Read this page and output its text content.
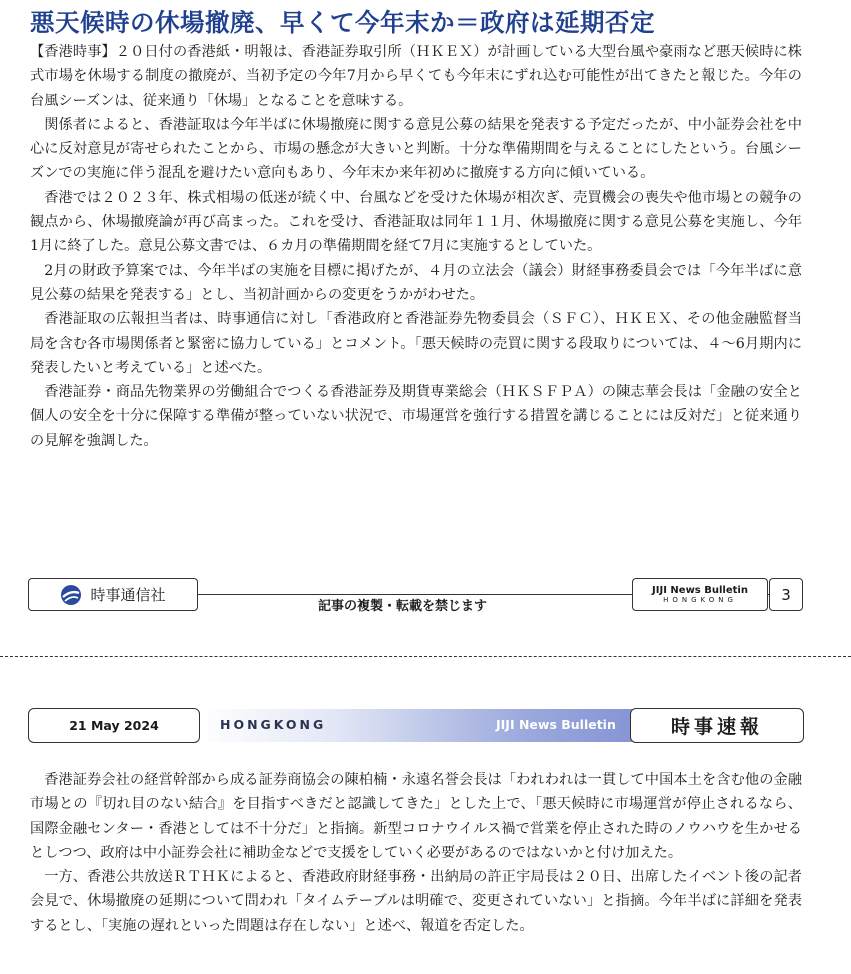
悪天候時の休場撤廃、早くて今年末か＝政府は延期否定

【香港時事】２０日付の香港紙・明報は、香港証券取引所（ＨＫＥＸ）が計画している大型台風や豪雨など悪天候時に株式市場を休場する制度の撤廃が、当初予定の今年7月から早くても今年末にずれ込む可能性が出てきたと報じた。今年の台風シーズンは、従来通り「休場」となることを意味する。

関係者によると、香港証取は今年半ばに休場撤廃に関する意見公募の結果を発表する予定だったが、中小証券会社を中心に反対意見が寄せられたことから、市場の懸念が大きいと判断。十分な準備期間を与えることにしたという。台風シーズンでの実施に伴う混乱を避けたい意向もあり、今年末か来年初めに撤廃する方向に傾いている。

香港では２０２３年、株式相場の低迷が続く中、台風などを受けた休場が相次ぎ、売買機会の喪失や他市場との競争の観点から、休場撤廃論が再び高まった。これを受け、香港証取は同年１１月、休場撤廃に関する意見公募を実施し、今年1月に終了した。意見公募文書では、６カ月の準備期間を経て7月に実施するとしていた。

2月の財政予算案では、今年半ばの実施を目標に掲げたが、４月の立法会（議会）財経事務委員会では「今年半ばに意見公募の結果を発表する」とし、当初計画からの変更をうかがわせた。

香港証取の広報担当者は、時事通信に対し「香港政府と香港証券先物委員会（ＳＦＣ）、ＨＫＥＸ、その他金融監督当局を含む各市場関係者と緊密に協力している」とコメント。「悪天候時の売買に関する段取りについては、４～6月期内に発表したいと考えている」と述べた。

香港証券・商品先物業界の労働組合でつくる香港証券及期貨専業総会（ＨＫＳＦＰＡ）の陳志華会長は「金融の安全と個人の安全を十分に保障する準備が整っていない状況で、市場運営を強行する措置を講じることには反対だ」と従来通りの見解を強調した。

時事通信社
記事の複製・転載を禁じます
JIJI News Bulletin
HONGKONG	3
21 May 2024	HONGKONG	JIJI News Bulletin	時事速報

香港証券会社の経営幹部から成る証券商協会の陳柏楠・永遠名誉会長は「われわれは一貫して中国本土を含む他の金融市場との『切れ目のない結合』を目指すべきだと認識してきた」とした上で、「悪天候時に市場運営が停止されるなら、国際金融センター・香港としては不十分だ」と指摘。新型コロナウイルス禍で営業を停止された時のノウハウを生かせるとしつつ、政府は中小証券会社に補助金などで支援をしていく必要があるのではないかと付け加えた。

一方、香港公共放送ＲＴＨＫによると、香港政府財経事務・出納局の許正宇局長は２０日、出席したイベント後の記者会見で、休場撤廃の延期について問われ「タイムテーブルは明確で、変更されていない」と指摘。今年半ばに詳細を発表するとし、「実施の遅れといった問題は存在しない」と述べ、報道を否定した。
